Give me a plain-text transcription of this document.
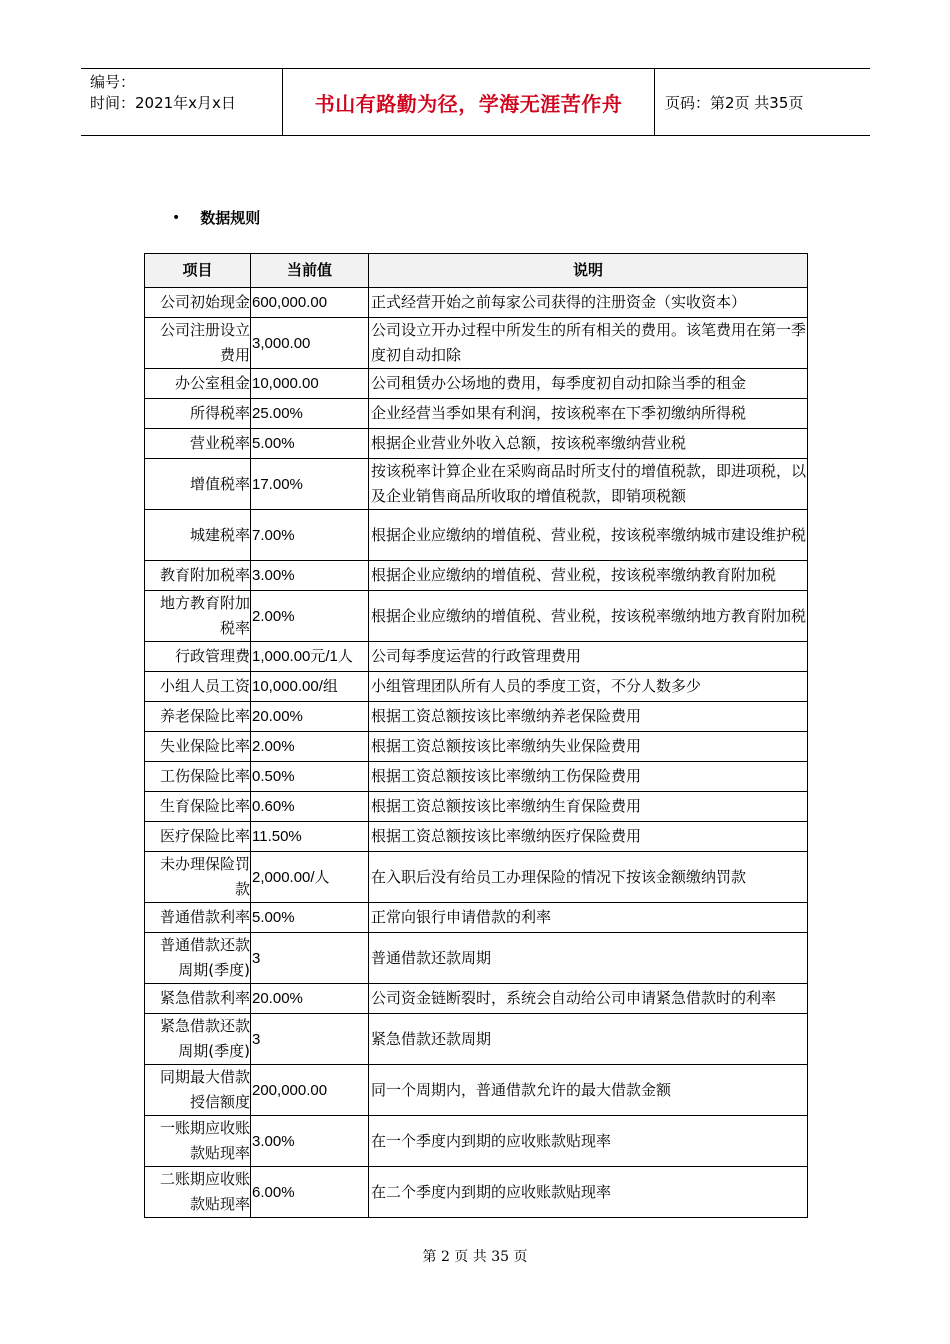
编号：
时间：2021年x月x日	书山有路勤为径，学海无涯苦作舟	页码：第2页 共35页
• 数据规则
项目	当前值	说明
公司初始现金	600,000.00	正式经营开始之前每家公司获得的注册资金（实收资本）
公司注册设立费用	3,000.00	公司设立开办过程中所发生的所有相关的费用。该笔费用在第一季度初自动扣除
办公室租金	10,000.00	公司租赁办公场地的费用，每季度初自动扣除当季的租金
所得税率	25.00%	企业经营当季如果有利润，按该税率在下季初缴纳所得税
营业税率	5.00%	根据企业营业外收入总额，按该税率缴纳营业税
增值税率	17.00%	按该税率计算企业在采购商品时所支付的增值税款，即进项税，以及企业销售商品所收取的增值税款，即销项税额
城建税率	7.00%	根据企业应缴纳的增值税、营业税，按该税率缴纳城市建设维护税
教育附加税率	3.00%	根据企业应缴纳的增值税、营业税，按该税率缴纳教育附加税
地方教育附加税率	2.00%	根据企业应缴纳的增值税、营业税，按该税率缴纳地方教育附加税
行政管理费	1,000.00元/1人	公司每季度运营的行政管理费用
小组人员工资	10,000.00/组	小组管理团队所有人员的季度工资，不分人数多少
养老保险比率	20.00%	根据工资总额按该比率缴纳养老保险费用
失业保险比率	2.00%	根据工资总额按该比率缴纳失业保险费用
工伤保险比率	0.50%	根据工资总额按该比率缴纳工伤保险费用
生育保险比率	0.60%	根据工资总额按该比率缴纳生育保险费用
医疗保险比率	11.50%	根据工资总额按该比率缴纳医疗保险费用
未办理保险罚款	2,000.00/人	在入职后没有给员工办理保险的情况下按该金额缴纳罚款
普通借款利率	5.00%	正常向银行申请借款的利率
普通借款还款周期(季度)	3	普通借款还款周期
紧急借款利率	20.00%	公司资金链断裂时，系统会自动给公司申请紧急借款时的利率
紧急借款还款周期(季度)	3	紧急借款还款周期
同期最大借款授信额度	200,000.00	同一个周期内，普通借款允许的最大借款金额
一账期应收账款贴现率	3.00%	在一个季度内到期的应收账款贴现率
二账期应收账款贴现率	6.00%	在二个季度内到期的应收账款贴现率
第 2 页 共 35 页
